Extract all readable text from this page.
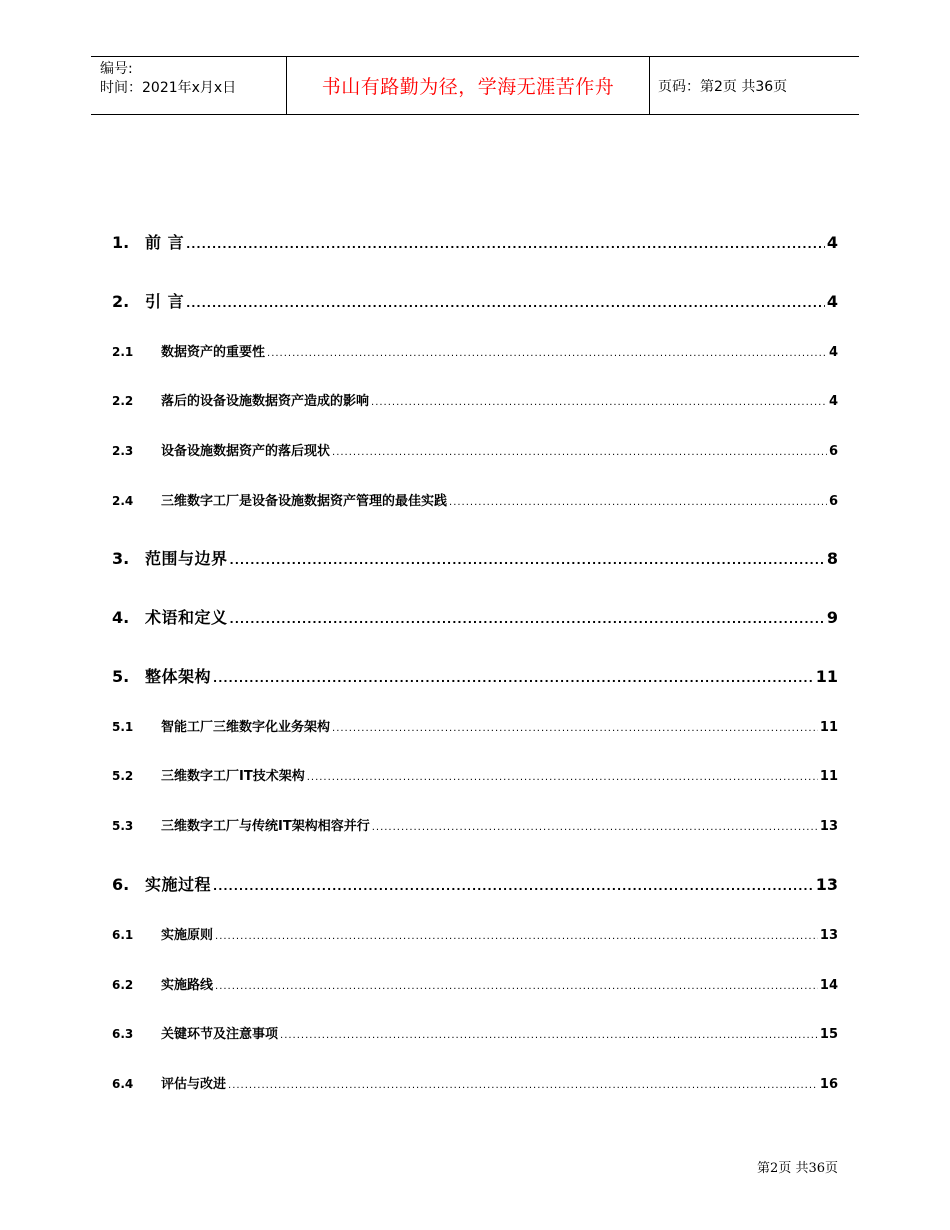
编号:
时间：2021年x月x日	书山有路勤为径，学海无涯苦作舟	页码：第2页 共36页
1. 前 言 .....	4
2. 引 言 .....	4
2.1	数据资产的重要性 .....	4
2.2	落后的设备设施数据资产造成的影响 .....	4
2.3	设备设施数据资产的落后现状 .....	6
2.4	三维数字工厂是设备设施数据资产管理的最佳实践 .....	6
3. 范围与边界 .....	8
4. 术语和定义 .....	9
5. 整体架构 .....	11
5.1	智能工厂三维数字化业务架构 .....	11
5.2	三维数字工厂IT技术架构 .....	11
5.3	三维数字工厂与传统IT架构相容并行 .....	13
6. 实施过程 .....	13
6.1	实施原则 .....	13
6.2	实施路线 .....	14
6.3	关键环节及注意事项 .....	15
6.4	评估与改进 .....	16
第2页 共36页
